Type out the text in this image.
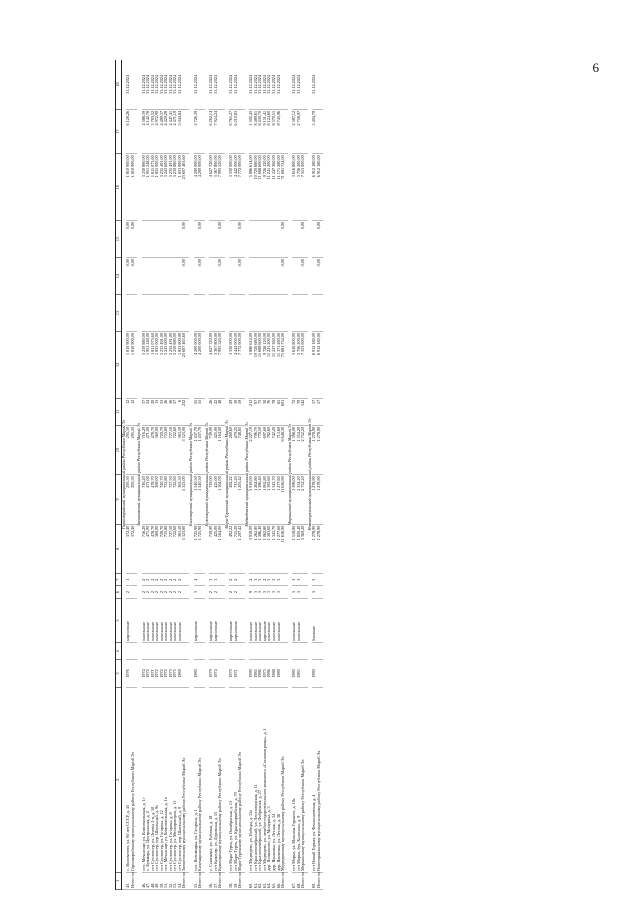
6
1	2	3	4	5	6	7	8	9	10	11	12	13	14	15	16	17	18
Горномарийский муниципальный район Республики Марий Эл																	
45.	с. Виловатово, ул. 60 лет СССР, д. 43	1976		кирпичные	2	1	372,40	295,50	295,50	12	1 810 900,00		0,00	0,00	1 810 900,00	6 128,26	31.12.2024
Итого по Горномарийскому муниципальному району Республики Марий Эл							372,40	295,50	295,50	12	1 810 900,00		0,00	0,00	1 810 900,00		
Звениговский муниципальный район Республики Марий Эл																	
46.	пос. Мочалище, ул. Комсомольская, д. 1г	1974		панельные	2	2	716,20	716,20	716,20	37	3 230 880,00				3 230 880,00	4 388,59	31.12.2024
47.	с. Кужмара, ул. Центральная, д. 4	1972		панельные	2	2	471,00	471,00	471,00	24	1 951 248,00				1 951 248,00	4 142,78	31.12.2024
48.	пгт Суслонгер, ул. Ленина 2-я, д. 50	1971		панельные	2	2	478,70	478,70	478,70	20	1 811 073,60				1 811 073,60	3 783,32	31.12.2024
49.	пгт Суслонгер, пер. Школьный, д. 9а	1972		панельные	2	2	369,00	369,00	369,00	13	1 835 000,00				1 835 000,00	4 972,90	31.12.2024
50.	пгт Суслонгер, ул. Гагарина, д. 12	1972		панельные	2	2	720,70	720,70	720,70	33	3 235 491,00				3 235 491,00	4 489,37	31.12.2024
51.	пос. Мочалище, ул. Комсомольская, д. 1в	1972		панельные	2	2	733,80	733,80	733,80	26	3 243 600,00				3 243 600,00	4 420,28	31.12.2024
52.	пгт Суслонгер, ул. Гагарина, д. 8	1973		панельные	2	2	727,50	727,50	727,50	36	3 235 491,00				3 235 491,00	4 447,41	31.12.2024
53.	пгт Суслонгер, ул. Мелиораторов, д. 11	1975		панельные	2	2	722,60	722,60	722,60	37	3 230 880,00				3 230 880,00	4 471,19	31.12.2024
54.	пгт Суслонгер, пер. Школьный, д. 9	1969		панельные	2	2	363,50	363,50	363,50	6	1 833 800,00				1 833 800,00	5 044,84	31.12.2024
Итого по Звениговскому муниципальному району Республики Марий Эл							5 323,00	5 323,00	5 323,00	232	23 607 463,60		0,00	0,00	23 607 463,60		
Килемарский муниципальный район Республики Марий Эл																	
55.	пос. Визимьяры, ул. Гагарина, д. 1	1980		кирпичные	3	4	1 725,90	1 540,50	1 437,70	55	4 200 000,00				4 200 000,00	2 726,39	31.12.2024
Итого по Килемарскому муниципальному району Республики Марий Эл							1 725,90	1 540,50	1 437,70	55	4 200 000,00		0,00	0,00	4 200 000,00		
Куженерский муниципальный район Республики Марий Эл																	
56.	с. Сыктывал, ул. Рабочая, д. 18	1979		кирпичные	2	3	739,00	739,00	739,00	26	4 627 720,00				4 627 720,00	6 262,14	31.12.2024
57.	пгт Куженер, ул. Дорожная, д. 55	1974		кирпичные	2	1	425,00	425,00	425,00	22	3 367 800,00				3 367 800,00	7 924,24	31.12.2024
Итого по Куженерскому муниципальному району Республики Марий Эл							1 164,00	1 164,00	1 164,00	48	7 995 520,00		0,00	0,00	7 995 520,00		
Мари-Турекский муниципальный район Республики Марий Эл																	
58.	пгт Мари-Турек, ул. Октябрьская, д. 13	1970		кирпичные	2	2	492,22	492,22	269,60	29	3 330 000,00				3 330 000,00	6 765,27	31.12.2024
59.	пгт Мари-Турек, ул. Красноармейская, д. 70	1971		кирпичные	2	2	715,20	713,20	479,25	30	4 442 000,00				4 442 000,00	6 210,83	31.12.2024
Итого по Мари-Турекскому муниципальному району Республики Марий Эл							1 207,42	1 205,42	748,85	59	7 772 000,00		0,00	0,00	7 772 000,00		
Медведевский муниципальный район Республики Марий Эл																	
60.	пгт Медведево, ул. Победы, д. 13а	1990		панельные	9	2	3 918,00	3 918,00	2 227,10	212	5 886 614,00				5 886 614,00	1 502,45	31.12.2024
61.	пгт Краснооктябрьский, ул. Лесозаводская, д. 11	1985		панельные	3	3	1 262,80	1 262,80	706,70	67	10 720 680,00				10 720 680,00	8 489,61	31.12.2024
62.	пгт Краснооктябрьский, ул. Фабричная, д. 27	1986		панельные	3	3	1 386,40	1 386,40	778,50	73	11 688 600,00				11 688 600,00	8 430,70	31.12.2024
63.	пгт Медведево, ул. лечебно-оздоровительного комплекса «Сосновая роща», д. 1	1975		кирпичные	3	2	1 062,80	1 062,80	697,60	30	9 726 120,00				9 726 120,00	9 151,41	31.12.2024
64.	дер. Пошкиново, ул. Мичурина, д. 3	1986		панельные	3	3	1 383,60	1 383,60	782,60	76	11 241 200,00				11 241 200,00	8 124,60	31.12.2024
65.	дер. Яльчимка, ул. Лесная, д. 34	1988		панельные	3	3	1 343,70	1 343,70	742,20	78	11 247 360,00				11 247 360,00	8 370,51	31.12.2024
66.	дер. Яльчимка, ул. Лесная, д. 36	1989		панельные	3	3	1 277,60	1 277,60	713,60	65	11 171 280,00				11 171 280,00	8 743,96	31.12.2024
Итого по Медведевскому муниципальному району Республики Марий Эл							11 636,90	11 636,90	6 648,30	601	71 681 734,00		0,00	0,00	71 681 734,00		
Моркинский муниципальный район Республики Марий Эл																	
67.	пгт Морки, ул. Максима Горького, д. 18а	1980		панельные	3	3	1 518,80	1 398,00	1 398,00	72	3 616 800,00				3 616 800,00	2 587,12	31.12.2024
68.	пгт Морки, бул. Калинина, д. 9	1983		панельные	3	3	1 850,40	1 354,20	1 354,20	70	3 736 200,00				3 736 200,00	2 758,97	31.12.2024
Итого по Моркинскому муниципальному району Республики Марий Эл							3 369,20	2 752,20	2 752,20	142	7 353 000,00		0,00	0,00	7 353 000,00		
Новоторъяльский муниципальный район Республики Марий Эл																	
69.	пгт Новый Торъял, ул. Феклонаевская, д. 4	1980		блочные	3	3	1 278,90	1 278,90	1 278,90	57	6 912 180,00				6 912 180,00	5 404,79	31.12.2024
Итого по Новоторъяльскому муниципальному району Республики Марий Эл							1 278,90	1 278,90	1 278,90	57	6 912 180,00		0,00	0,00	6 912 180,00		
